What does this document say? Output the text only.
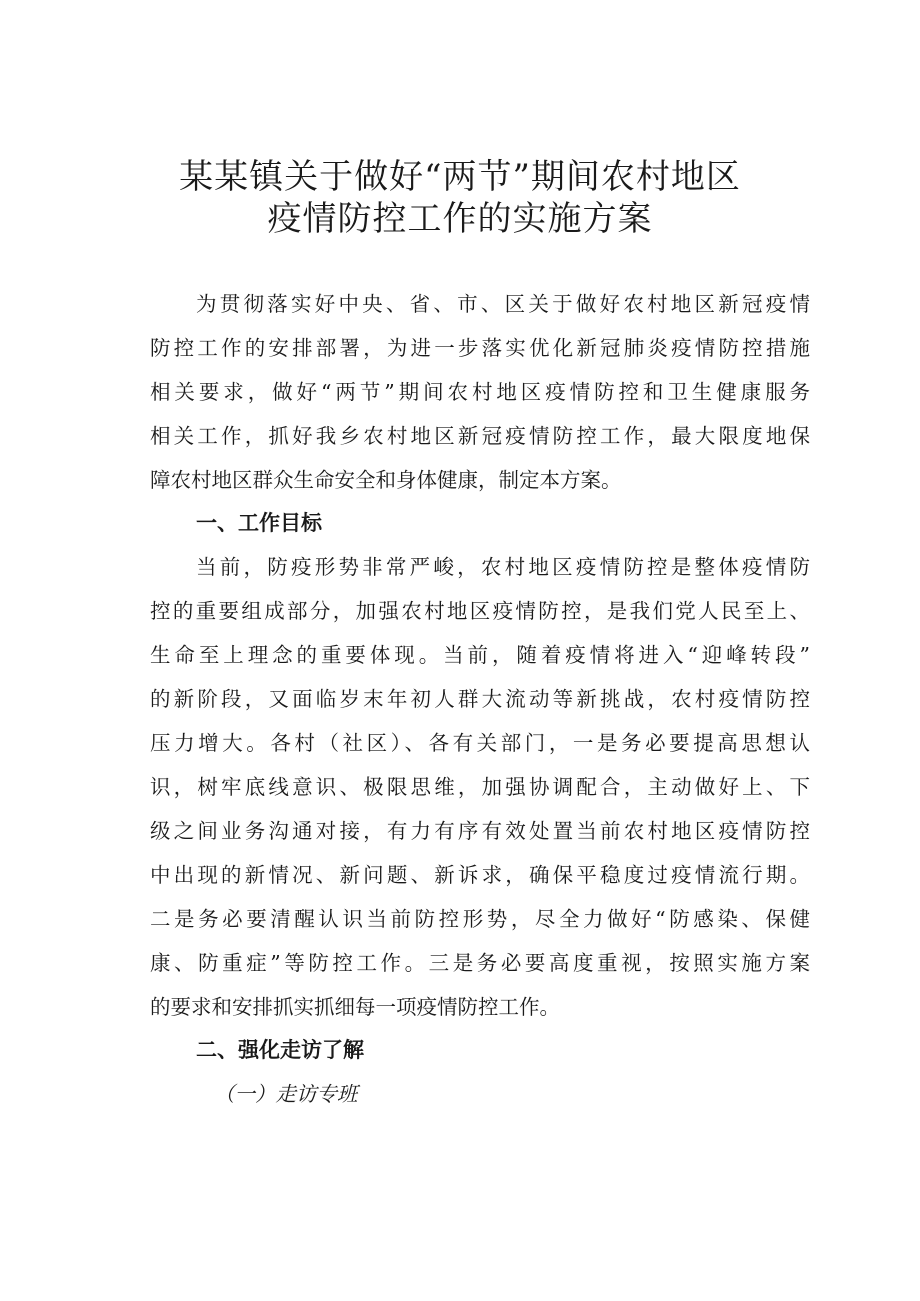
某某镇关于做好“两节”期间农村地区
疫情防控工作的实施方案
为贯彻落实好中央、省、市、区关于做好农村地区新冠疫情
防控工作的安排部署，为进一步落实优化新冠肺炎疫情防控措施
相关要求，做好“两节”期间农村地区疫情防控和卫生健康服务
相关工作，抓好我乡农村地区新冠疫情防控工作，最大限度地保
障农村地区群众生命安全和身体健康，制定本方案。
一、工作目标
当前，防疫形势非常严峻，农村地区疫情防控是整体疫情防
控的重要组成部分，加强农村地区疫情防控，是我们党人民至上、
生命至上理念的重要体现。当前，随着疫情将进入“迎峰转段”
的新阶段，又面临岁末年初人群大流动等新挑战，农村疫情防控
压力增大。各村（社区）、各有关部门，一是务必要提高思想认
识，树牢底线意识、极限思维，加强协调配合，主动做好上、下
级之间业务沟通对接，有力有序有效处置当前农村地区疫情防控
中出现的新情况、新问题、新诉求，确保平稳度过疫情流行期。
二是务必要清醒认识当前防控形势，尽全力做好“防感染、保健
康、防重症”等防控工作。三是务必要高度重视，按照实施方案
的要求和安排抓实抓细每一项疫情防控工作。
二、强化走访了解
（一）走访专班
